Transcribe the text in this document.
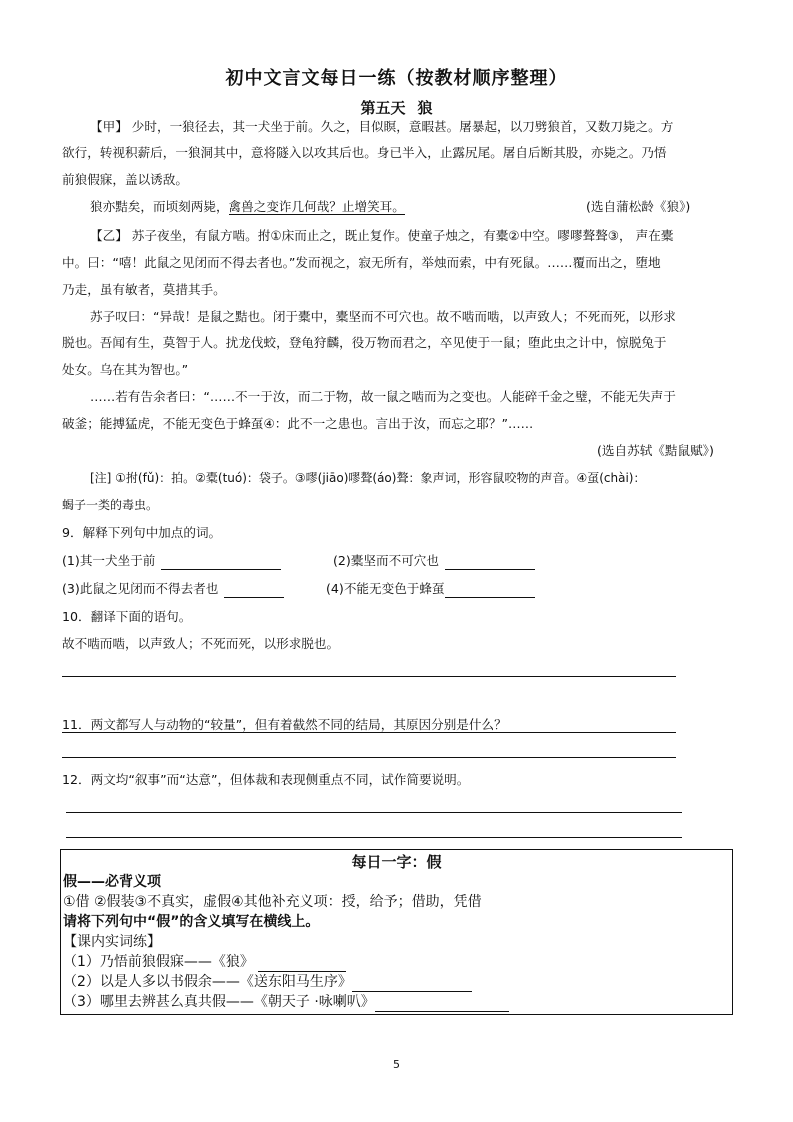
初中文言文每日一练（按教材顺序整理）
第五天 狼
【甲】 少时，一狼径去，其一犬坐于前。久之，目似瞑，意暇甚。屠暴起，以刀劈狼首，又数刀毙之。方
欲行，转视积薪后，一狼洞其中，意将隧入以攻其后也。身已半入，止露尻尾。屠自后断其股，亦毙之。乃悟
前狼假寐，盖以诱敌。
狼亦黠矣，而顷刻两毙，禽兽之变诈几何哉？止增笑耳。	(选自蒲松龄《狼》)
【乙】 苏子夜坐，有鼠方啮。拊①床而止之，既止复作。使童子烛之，有橐②中空。嘐嘐聱聱③， 声在橐
中。曰：“嘻！此鼠之见闭而不得去者也。”发而视之，寂无所有，举烛而索，中有死鼠。……覆而出之，堕地
乃走，虽有敏者，莫措其手。
苏子叹曰：“异哉！是鼠之黠也。闭于橐中，橐坚而不可穴也。故不啮而啮，以声致人；不死而死，以形求
脱也。吾闻有生，莫智于人。扰龙伐蛟，登龟狩麟，役万物而君之，卒见使于一鼠；堕此虫之计中，惊脱兔于
处女。乌在其为智也。”
……若有告余者曰：“……不一于汝，而二于物，故一鼠之啮而为之变也。人能碎千金之璧，不能无失声于
破釜；能搏猛虎，不能无变色于蜂虿④：此不一之患也。言出于汝，而忘之耶？”……
(选自苏轼《黠鼠赋》)
[注] ①拊(fǔ)：拍。②橐(tuó)：袋子。③嘐(jiāo)嘐聱(áo)聱：象声词，形容鼠咬物的声音。④虿(chài)：
蝎子一类的毒虫。
9．解释下列句中加点的词。
(1)其一犬坐于前	(2)橐坚而不可穴也
(3)此鼠之见闭而不得去者也	(4)不能无变色于蜂虿
10．翻译下面的语句。
故不啮而啮，以声致人；不死而死，以形求脱也。
11．两文都写人与动物的“较量”，但有着截然不同的结局，其原因分别是什么？
12．两文均“叙事”而“达意”，但体裁和表现侧重点不同，试作简要说明。
每日一字：假
假——必背义项
①借 ②假装③不真实，虚假④其他补充义项：授，给予；借助，凭借
请将下列句中“假”的含义填写在横线上。
【课内实词练】
（1）乃悟前狼假寐——《狼》
（2）以是人多以书假余——《送东阳马生序》
（3）哪里去辨甚么真共假——《朝天子 ·咏喇叭》
5
